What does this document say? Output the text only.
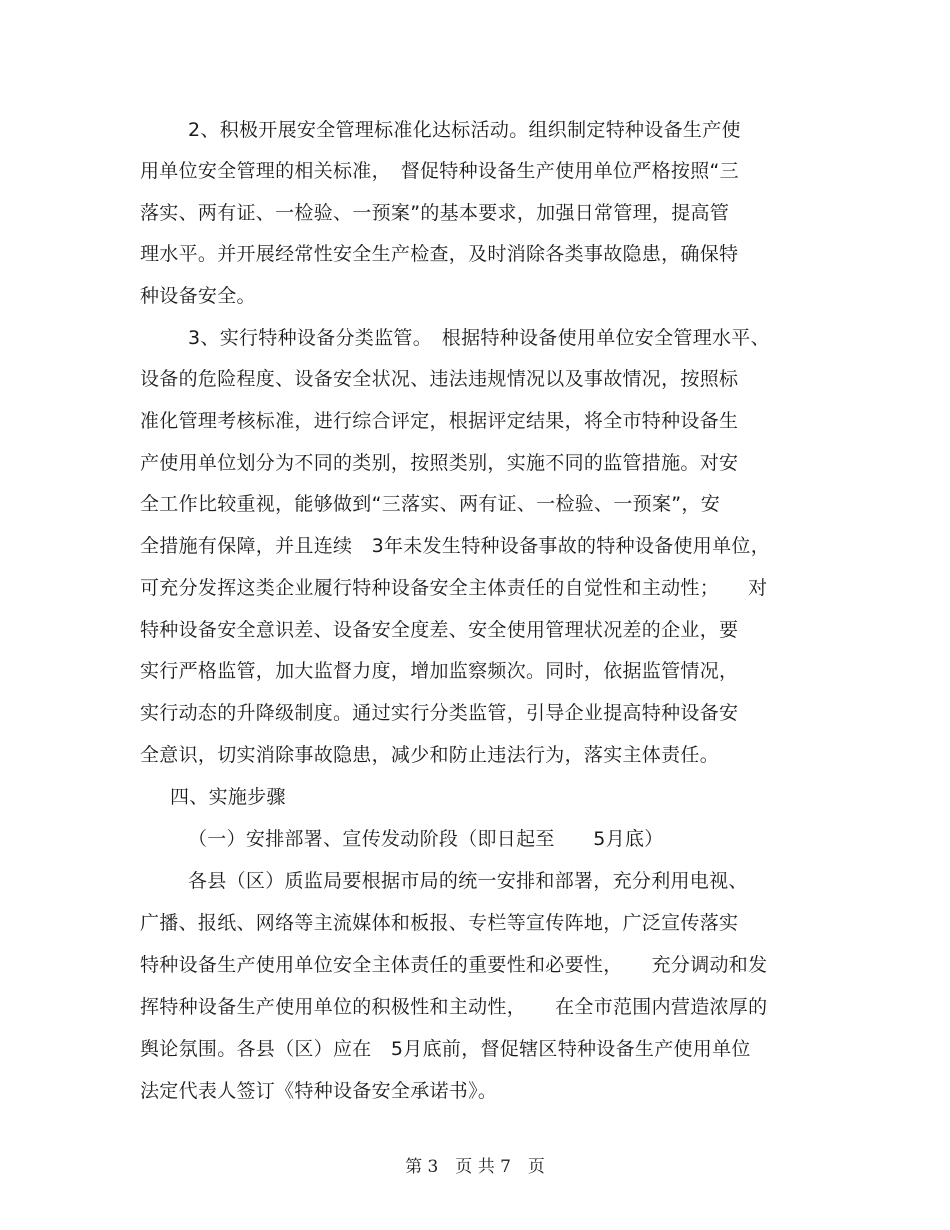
2、积极开展安全管理标准化达标活动。组织制定特种设备生产使
用单位安全管理的相关标准，　督促特种设备生产使用单位严格按照“三
落实、两有证、一检验、一预案”的基本要求，加强日常管理，提高管
理水平。并开展经常性安全生产检查，及时消除各类事故隐患，确保特
种设备安全。
3、实行特种设备分类监管。　根据特种设备使用单位安全管理水平、
设备的危险程度、设备安全状况、违法违规情况以及事故情况，按照标
准化管理考核标准，进行综合评定，根据评定结果，将全市特种设备生
产使用单位划分为不同的类别，按照类别，实施不同的监管措施。对安
全工作比较重视，能够做到“三落实、两有证、一检验、一预案”，安
全措施有保障，并且连续　3年未发生特种设备事故的特种设备使用单位，
可充分发挥这类企业履行特种设备安全主体责任的自觉性和主动性；　　对
特种设备安全意识差、设备安全度差、安全使用管理状况差的企业，要
实行严格监管，加大监督力度，增加监察频次。同时，依据监管情况，
实行动态的升降级制度。通过实行分类监管，引导企业提高特种设备安
全意识，切实消除事故隐患，减少和防止违法行为，落实主体责任。
四、实施步骤
（一）安排部署、宣传发动阶段（即日起至　　5月底）
各县（区）质监局要根据市局的统一安排和部署，充分利用电视、
广播、报纸、网络等主流媒体和板报、专栏等宣传阵地，广泛宣传落实
特种设备生产使用单位安全主体责任的重要性和必要性，　　充分调动和发
挥特种设备生产使用单位的积极性和主动性，　　在全市范围内营造浓厚的
舆论氛围。各县（区）应在　5月底前，督促辖区特种设备生产使用单位
法定代表人签订《特种设备安全承诺书》。
第 3　页 共 7　页
